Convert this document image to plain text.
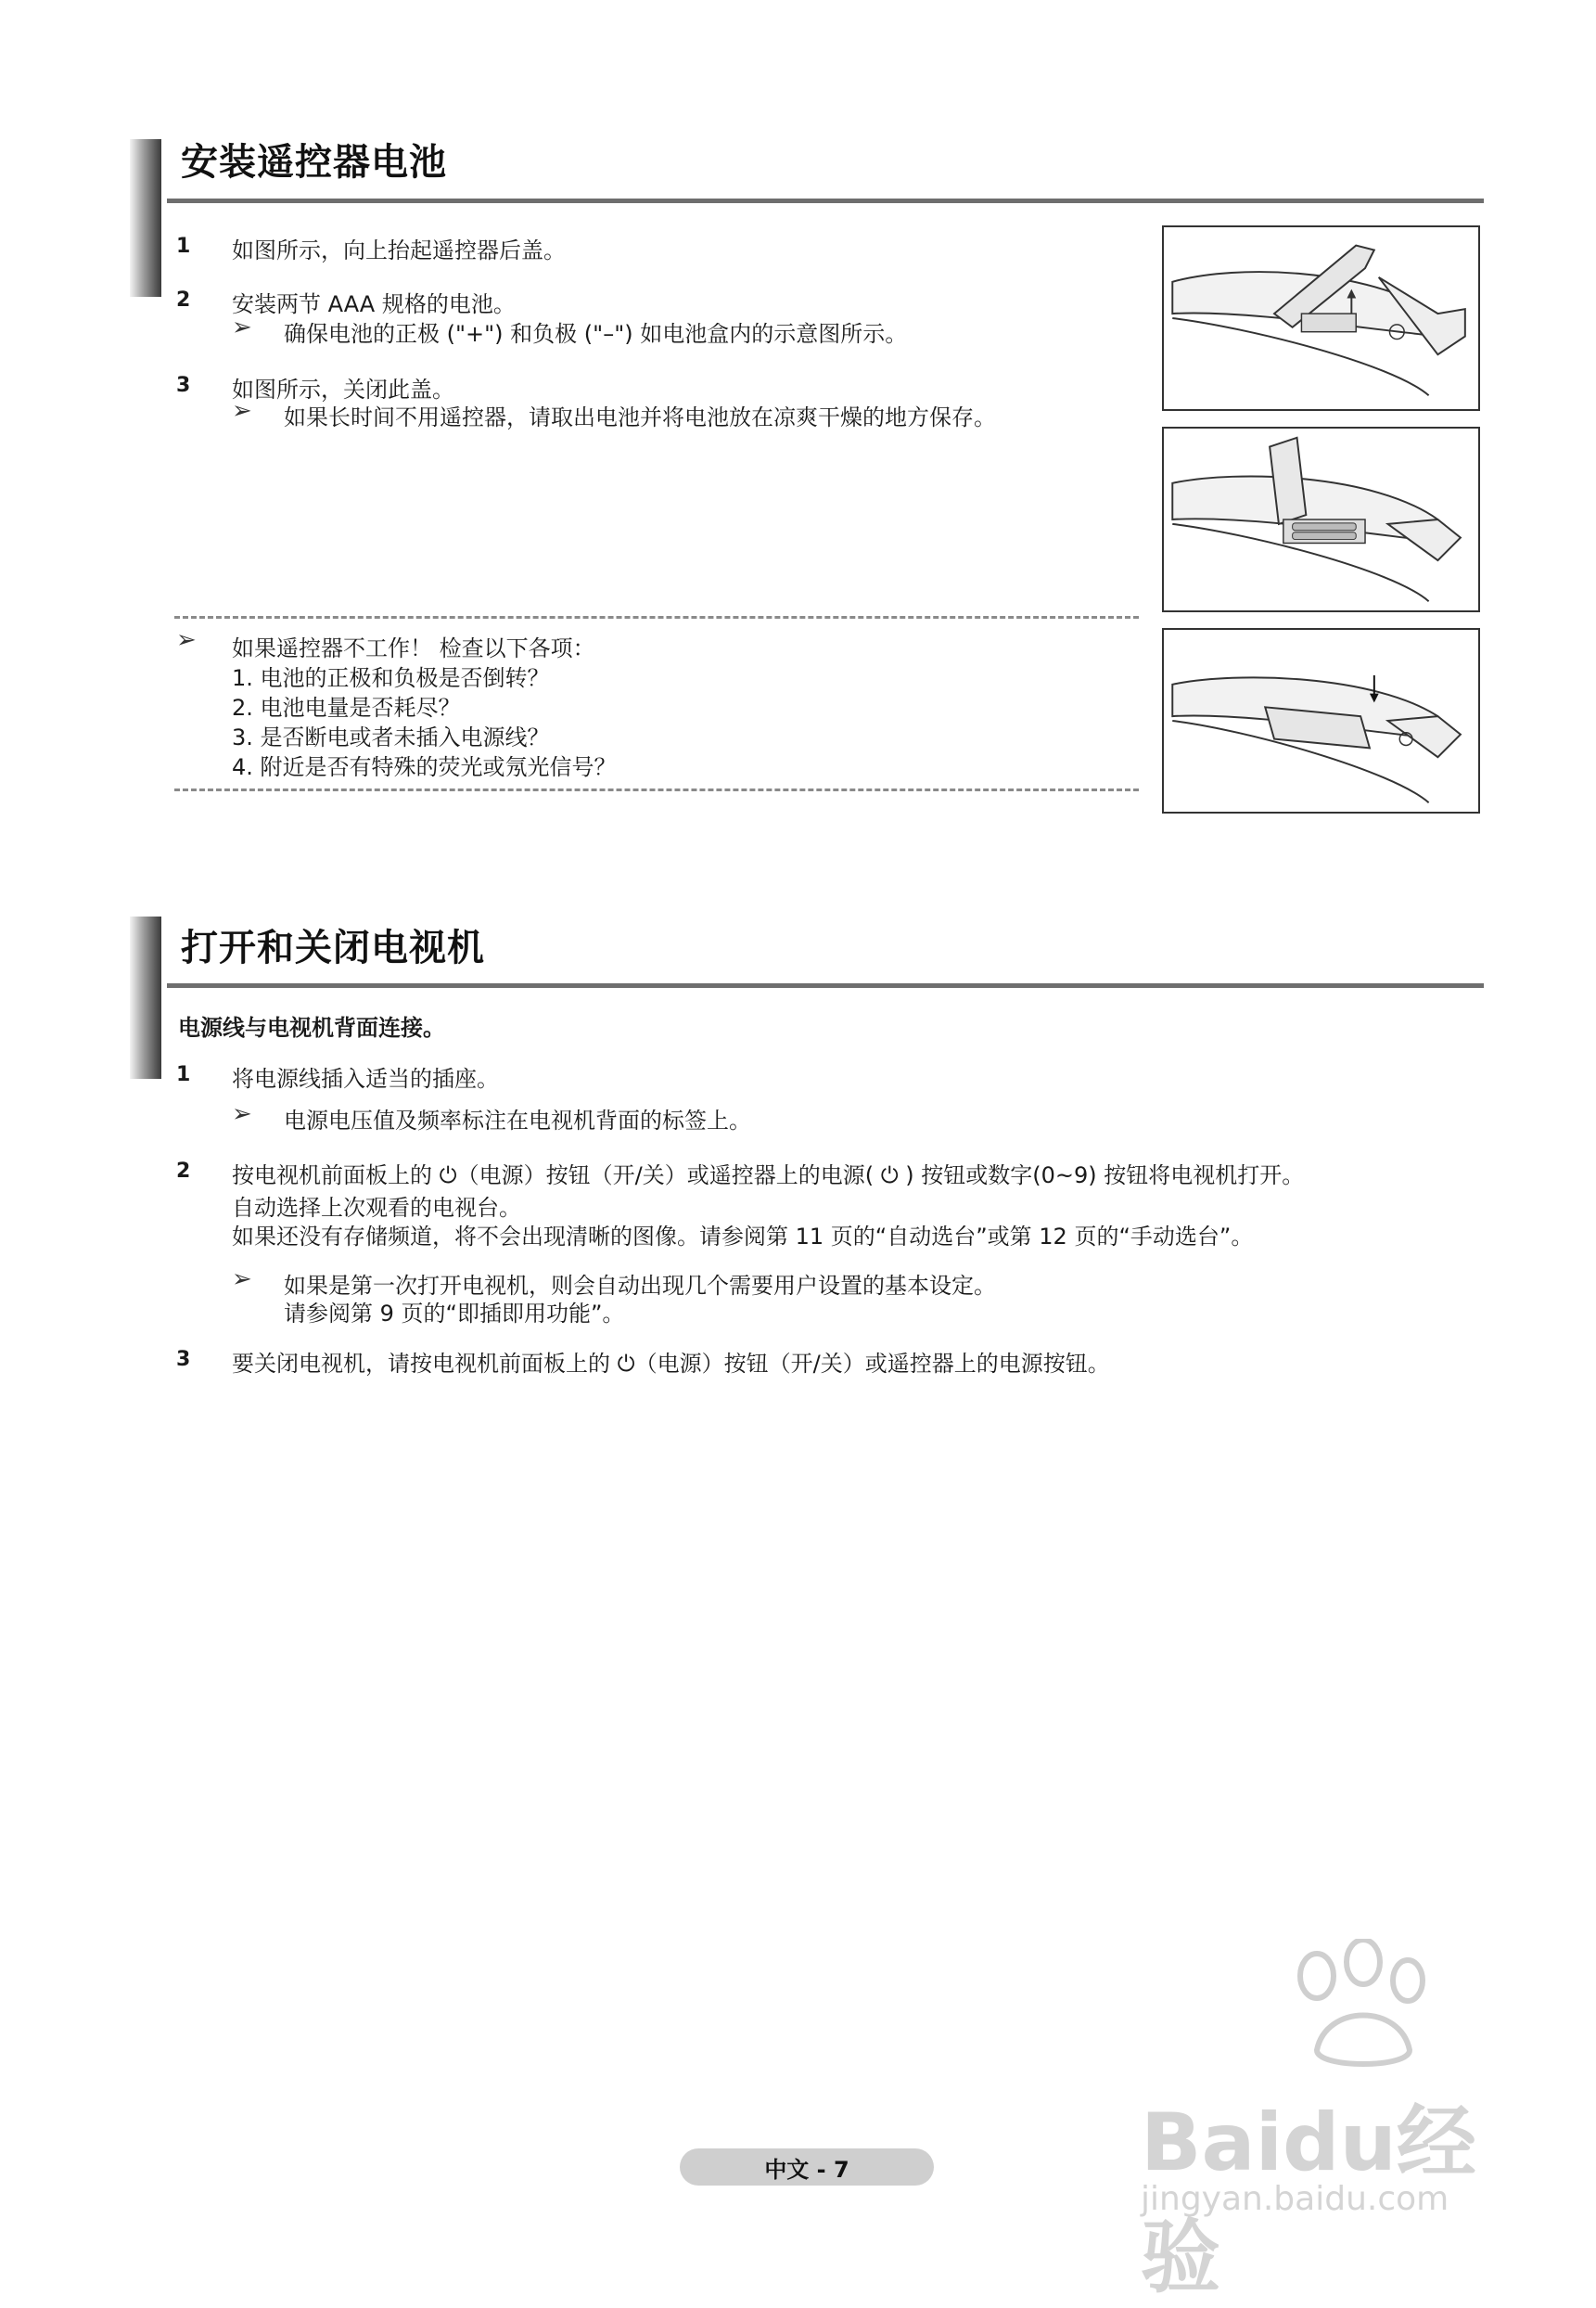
安装遥控器电池
1 如图所示，向上抬起遥控器后盖。
2 安装两节 AAA 规格的电池。
➢ 确保电池的正极 ("+") 和负极 ("–") 如电池盒内的示意图所示。
3 如图所示，关闭此盖。
➢ 如果长时间不用遥控器，请取出电池并将电池放在凉爽干燥的地方保存。
➢ 如果遥控器不工作！ 检查以下各项：
1. 电池的正极和负极是否倒转？
2. 电池电量是否耗尽？
3. 是否断电或者未插入电源线？
4. 附近是否有特殊的荧光或氖光信号？
打开和关闭电视机
电源线与电视机背面连接。
1 将电源线插入适当的插座。
➢ 电源电压值及频率标注在电视机背面的标签上。
2 按电视机前面板上的 ⏻（电源）按钮（开/关）或遥控器上的电源( ⏻ ) 按钮或数字(0~9) 按钮将电视机打开。
自动选择上次观看的电视台。
如果还没有存储频道，将不会出现清晰的图像。请参阅第 11 页的“自动选台”或第 12 页的“手动选台”。
➢ 如果是第一次打开电视机，则会自动出现几个需要用户设置的基本设定。
请参阅第 9 页的“即插即用功能”。
3 要关闭电视机，请按电视机前面板上的 ⏻（电源）按钮（开/关）或遥控器上的电源按钮。
中文 - 7	Baidu经验
jingyan.baidu.com
